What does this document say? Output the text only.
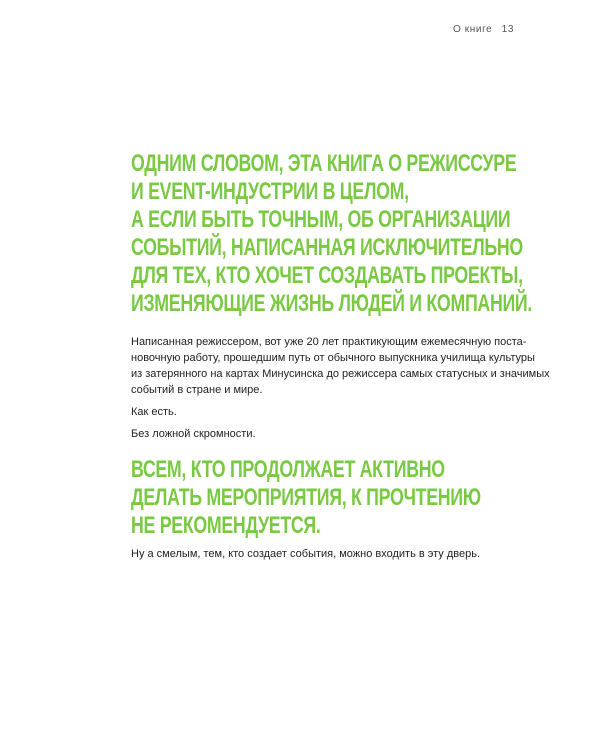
О книге 13
ОДНИМ СЛОВОМ, ЭТА КНИГА О РЕЖИССУРЕ
И EVENT-ИНДУСТРИИ В ЦЕЛОМ,
А ЕСЛИ БЫТЬ ТОЧНЫМ, ОБ ОРГАНИЗАЦИИ
СОБЫТИЙ, НАПИСАННАЯ ИСКЛЮЧИТЕЛЬНО
ДЛЯ ТЕХ, КТО ХОЧЕТ СОЗДАВАТЬ ПРОЕКТЫ,
ИЗМЕНЯЮЩИЕ ЖИЗНЬ ЛЮДЕЙ И КОМПАНИЙ.
Написанная режиссером, вот уже 20 лет практикующим ежемесячную поста-
новочную работу, прошедшим путь от обычного выпускника училища культуры
из затерянного на картах Минусинска до режиссера самых статусных и значимых
событий в стране и мире.

Как есть.

Без ложной скромности.

ВСЕМ, КТО ПРОДОЛЖАЕТ АКТИВНО
ДЕЛАТЬ МЕРОПРИЯТИЯ, К ПРОЧТЕНИЮ
НЕ РЕКОМЕНДУЕТСЯ.

Ну а смелым, тем, кто создает события, можно входить в эту дверь.
